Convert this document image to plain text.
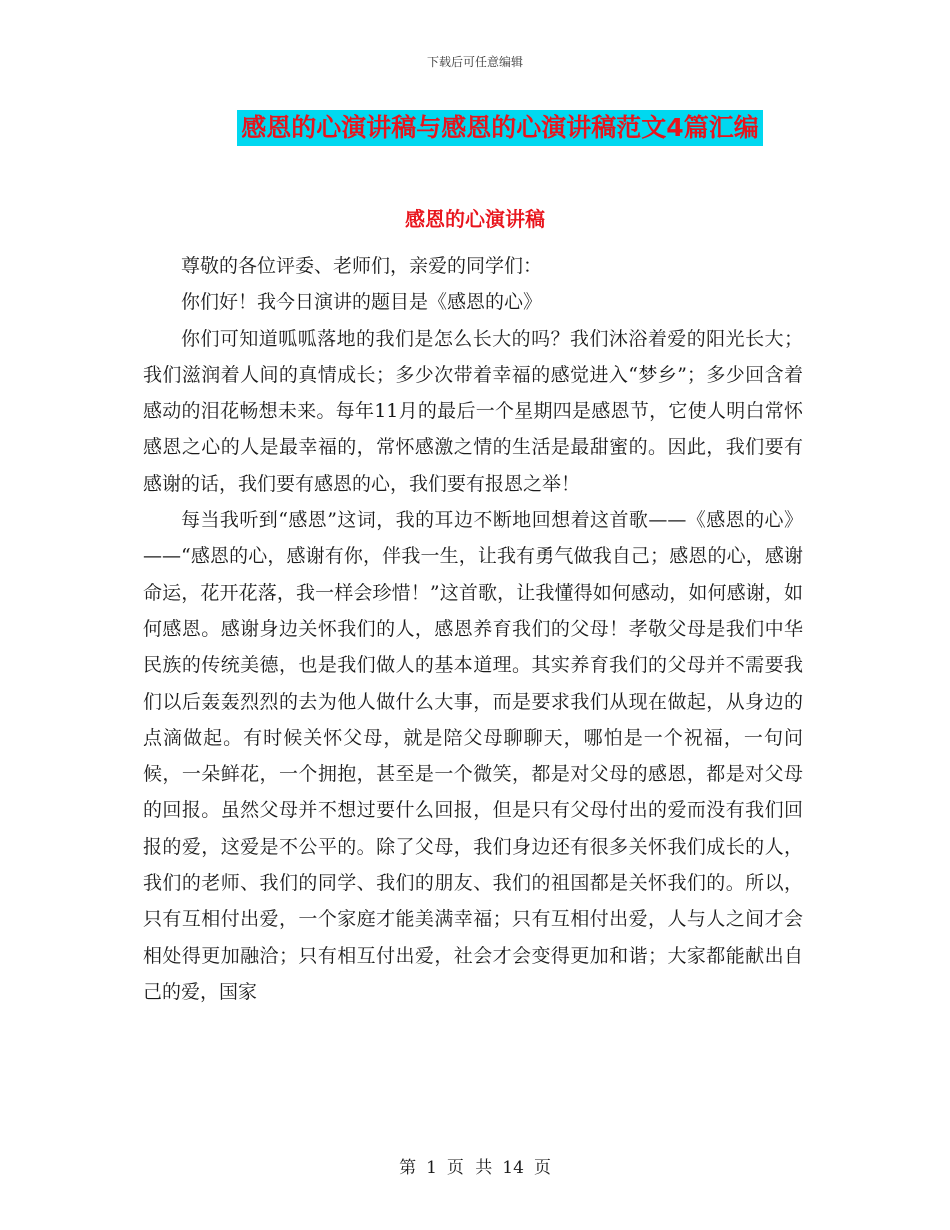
下载后可任意编辑
感恩的心演讲稿与感恩的心演讲稿范文4篇汇编
感恩的心演讲稿

尊敬的各位评委、老师们，亲爱的同学们：

你们好！我今日演讲的题目是《感恩的心》

你们可知道呱呱落地的我们是怎么长大的吗？我们沐浴着爱的阳光长大；我们滋润着人间的真情成长；多少次带着幸福的感觉进入“梦乡”；多少回含着感动的泪花畅想未来。每年11月的最后一个星期四是感恩节，它使人明白常怀感恩之心的人是最幸福的，常怀感激之情的生活是最甜蜜的。因此，我们要有感谢的话，我们要有感恩的心，我们要有报恩之举！

每当我听到“感恩”这词，我的耳边不断地回想着这首歌——《感恩的心》——“感恩的心，感谢有你，伴我一生，让我有勇气做我自己；感恩的心，感谢命运，花开花落，我一样会珍惜！”这首歌，让我懂得如何感动，如何感谢，如何感恩。感谢身边关怀我们的人，感恩养育我们的父母！孝敬父母是我们中华民族的传统美德，也是我们做人的基本道理。其实养育我们的父母并不需要我们以后轰轰烈烈的去为他人做什么大事，而是要求我们从现在做起，从身边的点滴做起。有时候关怀父母，就是陪父母聊聊天，哪怕是一个祝福，一句问候，一朵鲜花，一个拥抱，甚至是一个微笑，都是对父母的感恩，都是对父母的回报。虽然父母并不想过要什么回报，但是只有父母付出的爱而没有我们回报的爱，这爱是不公平的。除了父母，我们身边还有很多关怀我们成长的人，我们的老师、我们的同学、我们的朋友、我们的祖国都是关怀我们的。所以，只有互相付出爱，一个家庭才能美满幸福；只有互相付出爱，人与人之间才会相处得更加融洽；只有相互付出爱，社会才会变得更加和谐；大家都能献出自己的爱，国家

第 1 页 共 14 页
